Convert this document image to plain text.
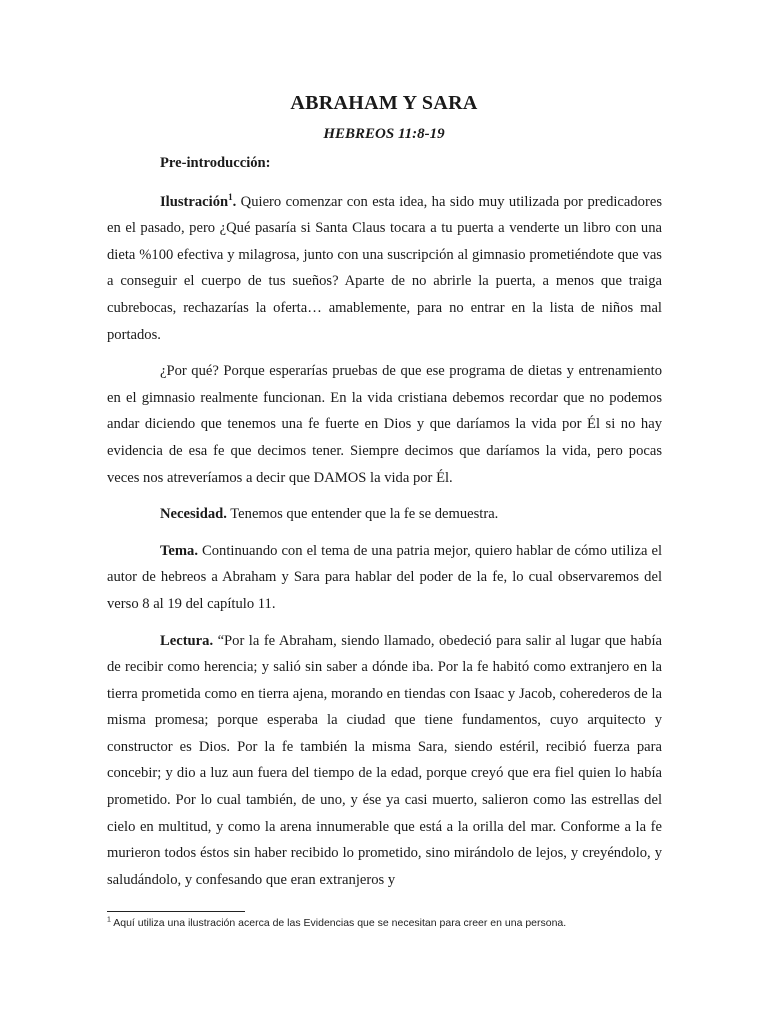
ABRAHAM Y SARA
HEBREOS 11:8-19

Pre-introducción:

Ilustración$^1$. Quiero comenzar con esta idea, ha sido muy utilizada por predicadores en el pasado, pero ¿Qué pasaría si Santa Claus tocara a tu puerta a venderte un libro con una dieta %100 efectiva y milagrosa, junto con una suscripción al gimnasio prometiéndote que vas a conseguir el cuerpo de tus sueños? Aparte de no abrirle la puerta, a menos que traiga cubrebocas, rechazarías la oferta… amablemente, para no entrar en la lista de niños mal portados.

¿Por qué? Porque esperarías pruebas de que ese programa de dietas y entrenamiento en el gimnasio realmente funcionan. En la vida cristiana debemos recordar que no podemos andar diciendo que tenemos una fe fuerte en Dios y que daríamos la vida por Él si no hay evidencia de esa fe que decimos tener. Siempre decimos que daríamos la vida, pero pocas veces nos atreveríamos a decir que DAMOS la vida por Él.

Necesidad. Tenemos que entender que la fe se demuestra.

Tema. Continuando con el tema de una patria mejor, quiero hablar de cómo utiliza el autor de hebreos a Abraham y Sara para hablar del poder de la fe, lo cual observaremos del verso 8 al 19 del capítulo 11.

Lectura. “Por la fe Abraham, siendo llamado, obedeció para salir al lugar que había de recibir como herencia; y salió sin saber a dónde iba. Por la fe habitó como extranjero en la tierra prometida como en tierra ajena, morando en tiendas con Isaac y Jacob, coherederos de la misma promesa; porque esperaba la ciudad que tiene fundamentos, cuyo arquitecto y constructor es Dios. Por la fe también la misma Sara, siendo estéril, recibió fuerza para concebir; y dio a luz aun fuera del tiempo de la edad, porque creyó que era fiel quien lo había prometido. Por lo cual también, de uno, y ése ya casi muerto, salieron como las estrellas del cielo en multitud, y como la arena innumerable que está a la orilla del mar. Conforme a la fe murieron todos éstos sin haber recibido lo prometido, sino mirándolo de lejos, y creyéndolo, y saludándolo, y confesando que eran extranjeros y

$^1$ Aquí utiliza una ilustración acerca de las Evidencias que se necesitan para creer en una persona.
